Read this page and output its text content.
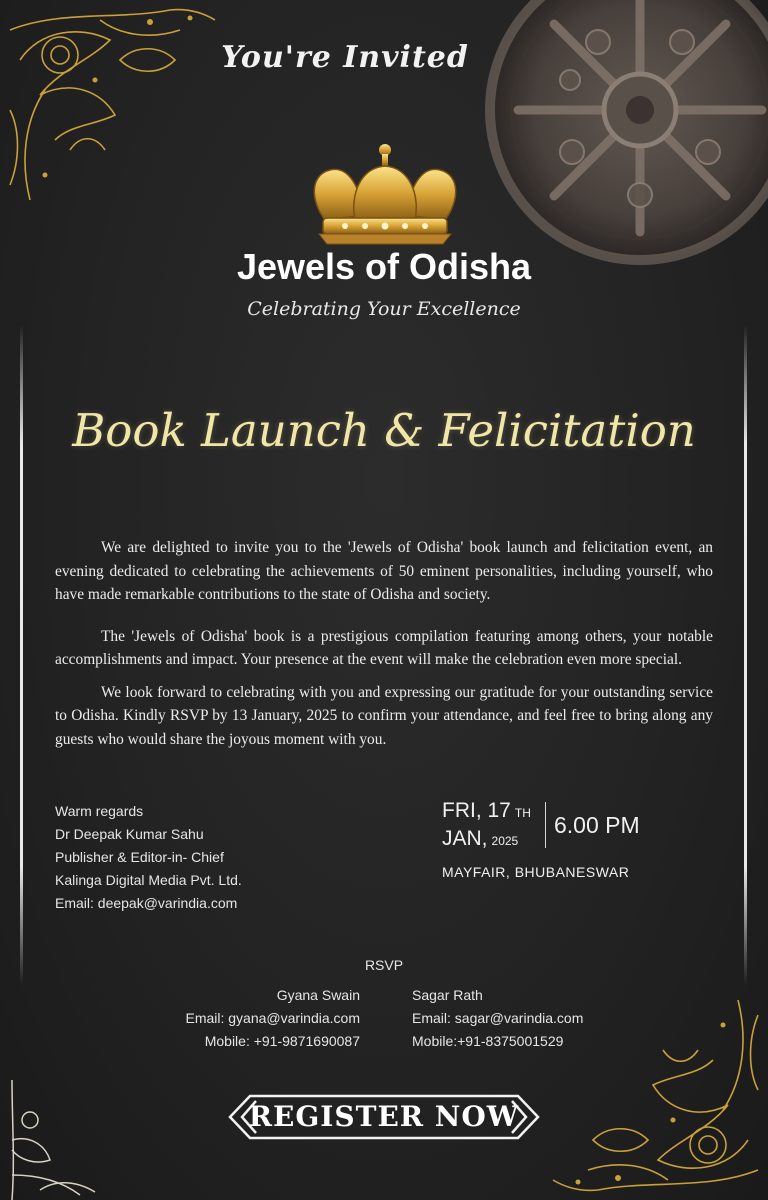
You're Invited
Jewels of Odisha
Celebrating Your Excellence
Book Launch & Felicitation

We are delighted to invite you to the 'Jewels of Odisha' book launch and felicitation event, an evening dedicated to celebrating the achievements of 50 eminent personalities, including yourself, who have made remarkable contributions to the state of Odisha and society.

The 'Jewels of Odisha' book is a prestigious compilation featuring among others, your notable accomplishments and impact. Your presence at the event will make the celebration even more special.

We look forward to celebrating with you and expressing our gratitude for your outstanding service to Odisha. Kindly RSVP by 13 January, 2025 to confirm your attendance, and feel free to bring along any guests who would share the joyous moment with you.

Warm regards
Dr Deepak Kumar Sahu
Publisher & Editor-in- Chief
Kalinga Digital Media Pvt. Ltd.
Email: deepak@varindia.com
FRI, 17 TH
JAN, 2025
6.00 PM
MAYFAIR, BHUBANESWAR
RSVP
Gyana Swain
Email: gyana@varindia.com
Mobile: +91-9871690087
Sagar Rath
Email: sagar@varindia.com
Mobile:+91-8375001529
REGISTER NOW
